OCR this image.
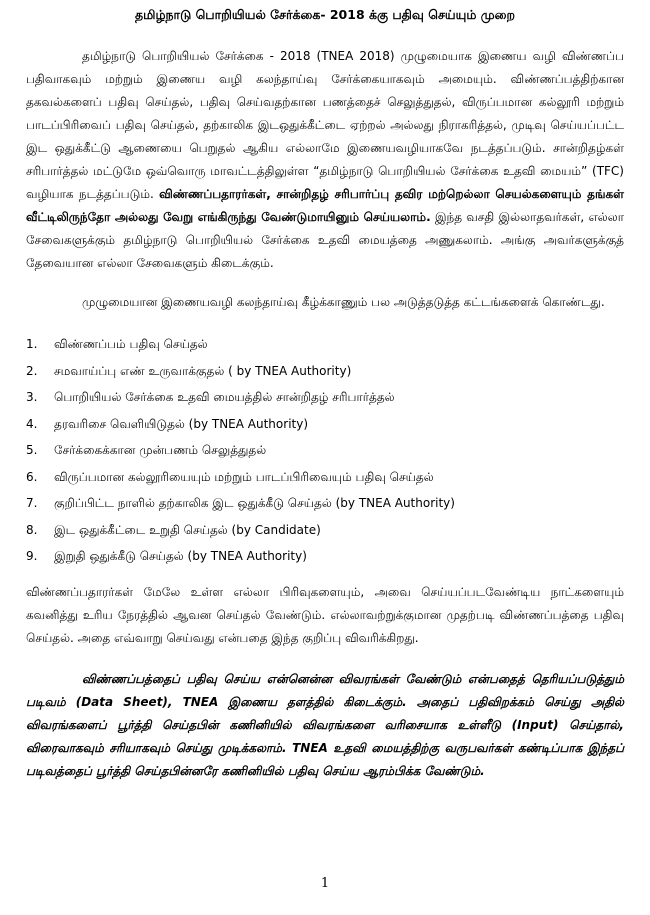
தமிழ்நாடு பொறியியல் சேர்க்கை- 2018 க்கு பதிவு செய்யும் முறை

தமிழ்நாடு பொறியியல் சேர்க்கை - 2018 (TNEA 2018) முழுமையாக இணைய வழி விண்ணப்ப பதிவாகவும் மற்றும் இணைய வழி கலந்தாய்வு சேர்க்கையாகவும் அமையும். விண்ணப்பத்திற்கான தகவல்களைப் பதிவு செய்தல், பதிவு செய்வதற்கான பணத்தைச் செலுத்துதல், விருப்பமான கல்லூரி மற்றும் பாடப்பிரிவைப் பதிவு செய்தல், தற்காலிக இடஒதுக்கீட்டை ஏற்றல் அல்லது நிராகரித்தல், முடிவு செய்யப்பட்ட இட ஒதுக்கீட்டு ஆணையை பெறுதல் ஆகிய எல்லாமே இணையவழியாகவே நடத்தப்படும். சான்றிதழ்கள் சரிபார்த்தல் மட்டுமே ஒவ்வொரு மாவட்டத்திலுள்ள “தமிழ்நாடு பொறியியல் சேர்க்கை உதவி மையம்” (TFC) வழியாக நடத்தப்படும். விண்ணப்பதாரர்கள், சான்றிதழ் சரிபார்ப்பு தவிர மற்றெல்லா செயல்களையும் தங்கள் வீட்டிலிருந்தோ அல்லது வேறு எங்கிருந்து வேண்டுமாயினும் செய்யலாம். இந்த வசதி இல்லாதவர்கள், எல்லா சேவைகளுக்கும் தமிழ்நாடு பொறியியல் சேர்க்கை உதவி மையத்தை அணுகலாம். அங்கு அவர்களுக்குத் தேவையான எல்லா சேவைகளும் கிடைக்கும்.

முழுமையான இணையவழி கலந்தாய்வு கீழ்க்காணும் பல அடுத்தடுத்த கட்டங்களைக் கொண்டது.

1.	விண்ணப்பம் பதிவு செய்தல்
2.	சமவாய்ப்பு எண் உருவாக்குதல் ( by TNEA Authority)
3.	பொறியியல் சேர்க்கை உதவி மையத்தில் சான்றிதழ் சரிபார்த்தல்
4.	தரவரிசை வெளியிடுதல் (by TNEA Authority)
5.	சேர்க்கைக்கான முன்பணம் செலுத்துதல்
6.	விருப்பமான கல்லூரியையும் மற்றும் பாடப்பிரிவையும் பதிவு செய்தல்
7.	குறிப்பிட்ட நாளில் தற்காலிக இட ஒதுக்கீடு செய்தல் (by TNEA Authority)
8.	இட ஒதுக்கீட்டை உறுதி செய்தல் (by Candidate)
9.	இறுதி ஒதுக்கீடு செய்தல் (by TNEA Authority)

விண்ணப்பதாரர்கள் மேலே உள்ள எல்லா பிரிவுகளையும், அவை செய்யப்படவேண்டிய நாட்களையும் கவனித்து உரிய நேரத்தில் ஆவன செய்தல் வேண்டும். எல்லாவற்றுக்குமான முதற்படி விண்ணப்பத்தை பதிவு செய்தல். அதை எவ்வாறு செய்வது என்பதை இந்த குறிப்பு விவரிக்கிறது.

விண்ணப்பத்தைப் பதிவு செய்ய என்னென்ன விவரங்கள் வேண்டும் என்பதைத் தெரியப்படுத்தும் படிவம் (Data Sheet), TNEA இணைய தளத்தில் கிடைக்கும். அதைப் பதிவிறக்கம் செய்து அதில் விவரங்களைப் பூர்த்தி செய்தபின் கணினியில் விவரங்களை வரிசையாக உள்ளீடு (Input) செய்தால், விரைவாகவும் சரியாகவும் செய்து முடிக்கலாம். TNEA உதவி மையத்திற்கு வருபவர்கள் கண்டிப்பாக இந்தப் படிவத்தைப் பூர்த்தி செய்தபின்னரே கணினியில் பதிவு செய்ய ஆரம்பிக்க வேண்டும்.

1
